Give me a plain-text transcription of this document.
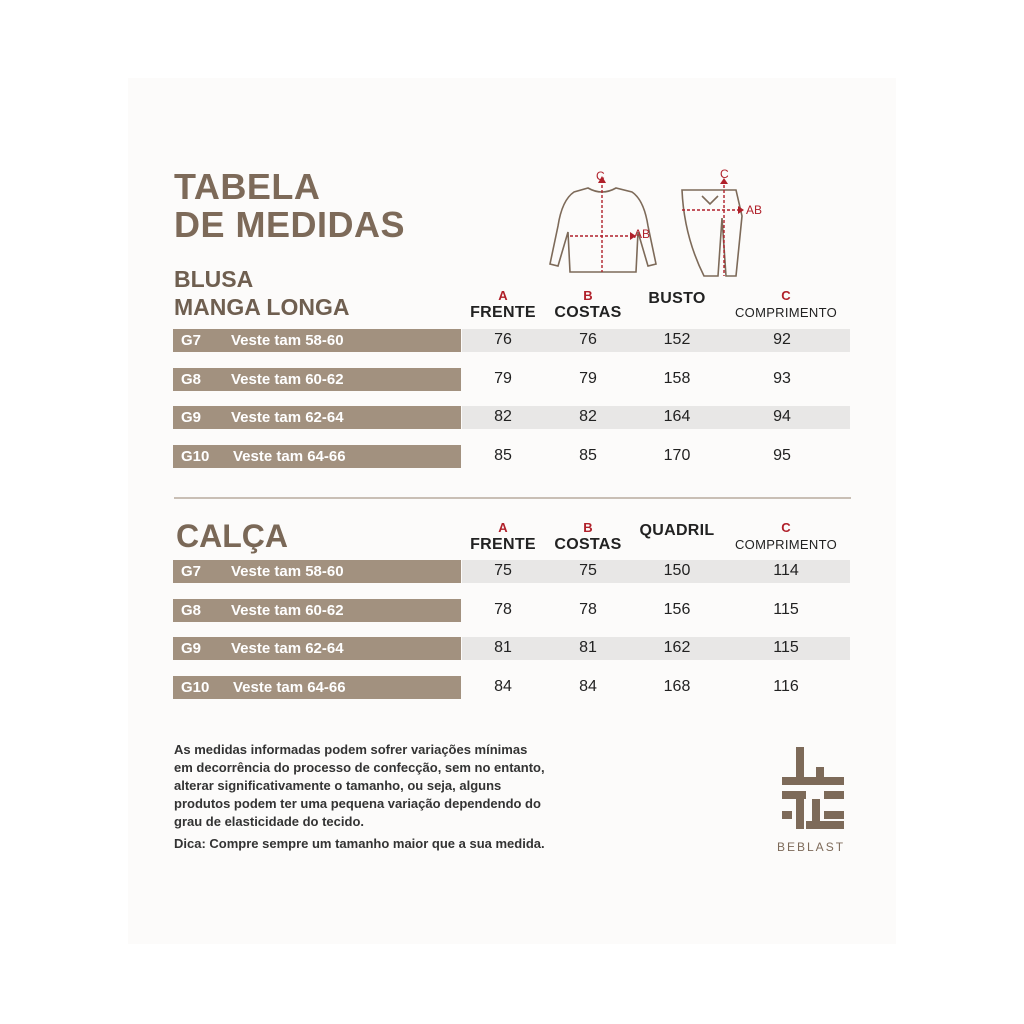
TABELA
DE MEDIDAS
BLUSA
MANGA LONGA
C
AB
C
AB
A
FRENTE
B
COSTAS
BUSTO	C
COMPRIMENTO
G7 Veste tam 58-60	76	76	152	92
G8 Veste tam 60-62	79	79	158	93
G9 Veste tam 62-64	82	82	164	94
G10 Veste tam 64-66	85	85	170	95
CALÇA	A
FRENTE
B
COSTAS
QUADRIL	C
COMPRIMENTO
G7 Veste tam 58-60	75	75	150	114
G8 Veste tam 60-62	78	78	156	115
G9 Veste tam 62-64	81	81	162	115
G10 Veste tam 64-66	84	84	168	116

As medidas informadas podem sofrer variações mínimas

em decorrência do processo de confecção, sem no entanto,

alterar significativamente o tamanho, ou seja, alguns

produtos podem ter uma pequena variação dependendo do

grau de elasticidade do tecido.

Dica: Compre sempre um tamanho maior que a sua medida.	BEBLAST
